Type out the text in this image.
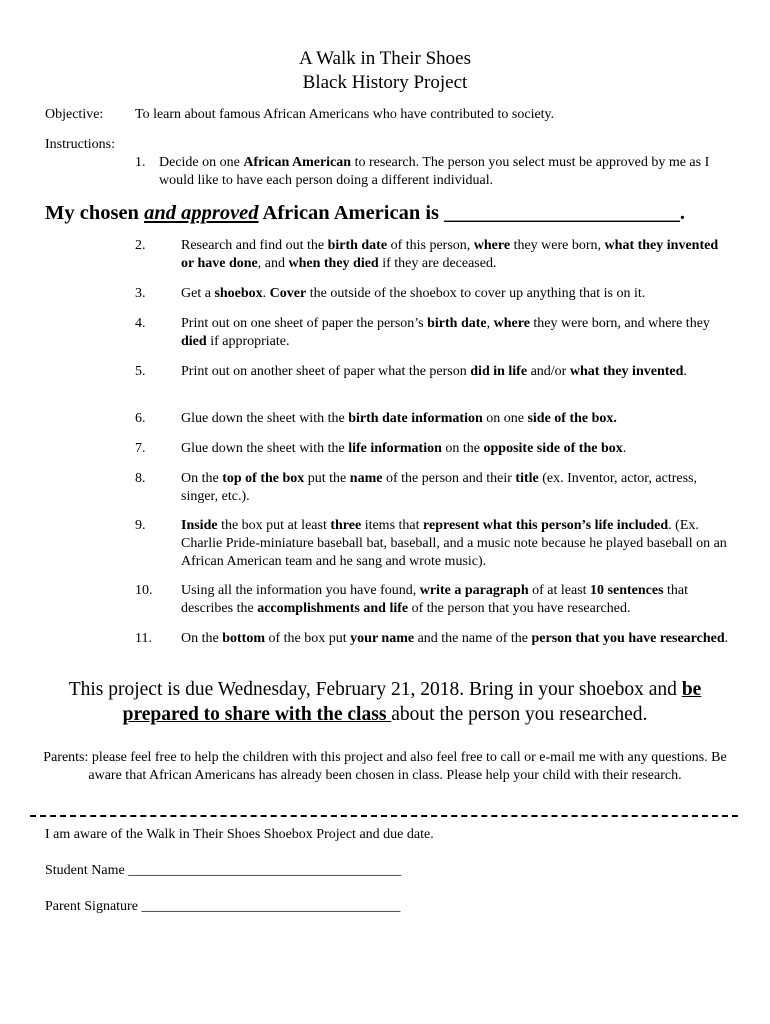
A Walk in Their Shoes
Black History Project
Objective: To learn about famous African Americans who have contributed to society.
Instructions:
1. Decide on one African American to research. The person you select must be approved by me as I would like to have each person doing a different individual.
My chosen and approved African American is _______________________.
2.	Research and find out the birth date of this person, where they were born, what they invented or have done, and when they died if they are deceased.
3.	Get a shoebox. Cover the outside of the shoebox to cover up anything that is on it.
4.	Print out on one sheet of paper the person’s birth date, where they were born, and where they died if appropriate.
5.	Print out on another sheet of paper what the person did in life and/or what they invented.
6.	Glue down the sheet with the birth date information on one side of the box.
7.	Glue down the sheet with the life information on the opposite side of the box.
8.	On the top of the box put the name of the person and their title (ex. Inventor, actor, actress, singer, etc.).
9.	Inside the box put at least three items that represent what this person’s life included. (Ex. Charlie Pride-miniature baseball bat, baseball, and a music note because he played baseball on an African American team and he sang and wrote music).
10.	Using all the information you have found, write a paragraph of at least 10 sentences that describes the accomplishments and life of the person that you have researched.
11.	On the bottom of the box put your name and the name of the person that you have researched.
This project is due Wednesday, February 21, 2018. Bring in your shoebox and be prepared to share with the class about the person you researched.
Parents: please feel free to help the children with this project and also feel free to call or e-mail me with any questions. Be aware that African Americans has already been chosen in class. Please help your child with their research.
I am aware of the Walk in Their Shoes Shoebox Project and due date.
Student Name _______________________________________
Parent Signature _____________________________________
